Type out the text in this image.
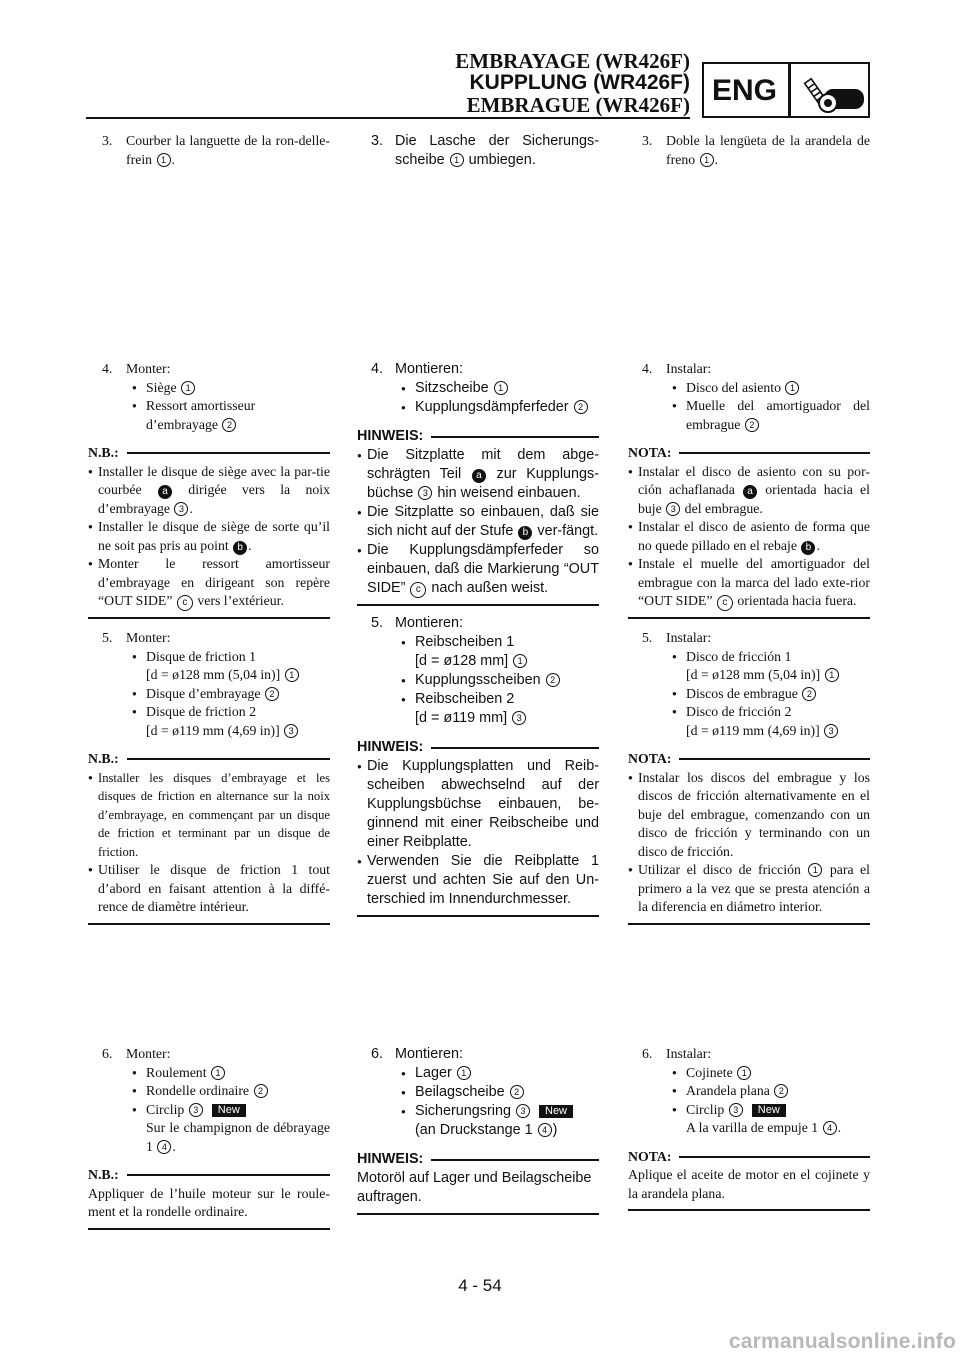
EMBRAYAGE (WR426F)
KUPPLUNG (WR426F)
EMBRAGUE (WR426F) ENG
3. Courber la languette de la ron-delle-frein 1 .
4. Monter:
● Siège 1
● Ressort amortisseur
d’embrayage 2
N.B.:
● Installer le disque de siège avec la par-tie courbée a dirigée vers la noix d’embrayage 3 .
● Installer le disque de siège de sorte qu’il ne soit pas pris au point b .
● Monter le ressort amortisseur d’embrayage en dirigeant son repère “OUT SIDE” c vers l’extérieur.
5. Monter:
● Disque de friction 1
[d = ø128 mm (5,04 in)] 1
● Disque d’embrayage 2
● Disque de friction 2
[d = ø119 mm (4,69 in)] 3
N.B.:
● Installer les disques d’embrayage et les disques de friction en alternance sur la noix d’embrayage, en commençant par un disque de friction et terminant par un disque de friction.
● Utiliser le disque de friction 1 tout d’abord en faisant attention à la diffé-rence de diamètre intérieur.
6. Monter:
● Roulement 1
● Rondelle ordinaire 2
● Circlip 3 New
Sur le champignon de débrayage 1 4 .
N.B.:
Appliquer de l’huile moteur sur le roule-ment et la rondelle ordinaire.
3. Die Lasche der Sicherungs-scheibe 1 umbiegen.
4. Montieren:
● Sitzscheibe 1
● Kupplungsdämpferfeder 2
HINWEIS:
● Die Sitzplatte mit dem abge-schrägten Teil a zur Kupplungs-büchse 3 hin weisend einbauen.
● Die Sitzplatte so einbauen, daß sie sich nicht auf der Stufe b ver-fängt.
● Die Kupplungsdämpferfeder so einbauen, daß die Markierung “OUT SIDE” c nach außen weist.
5. Montieren:
● Reibscheiben 1
[d = ø128 mm] 1
● Kupplungsscheiben 2
● Reibscheiben 2
[d = ø119 mm] 3
HINWEIS:
● Die Kupplungsplatten und Reib-scheiben abwechselnd auf der Kupplungsbüchse einbauen, be-ginnend mit einer Reibscheibe und einer Reibplatte.
● Verwenden Sie die Reibplatte 1 zuerst und achten Sie auf den Un-terschied im Innendurchmesser.
6. Montieren:
● Lager 1
● Beilagscheibe 2
● Sicherungsring 3 New
(an Druckstange 1 4 )
HINWEIS:
Motoröl auf Lager und Beilagscheibe auftragen.
3. Doble la lengüeta de la arandela de freno 1 .
4. Instalar:
● Disco del asiento 1
● Muelle del amortiguador del embrague 2
NOTA:
● Instalar el disco de asiento con su por-ción achaflanada a orientada hacia el buje 3 del embrague.
● Instalar el disco de asiento de forma que no quede pillado en el rebaje b .
● Instale el muelle del amortiguador del embrague con la marca del lado exte-rior “OUT SIDE” c orientada hacia fuera.
5. Instalar:
● Disco de fricción 1
[d = ø128 mm (5,04 in)] 1
● Discos de embrague 2
● Disco de fricción 2
[d = ø119 mm (4,69 in)] 3
NOTA:
● Instalar los discos del embrague y los discos de fricción alternativamente en el buje del embrague, comenzando con un disco de fricción y terminando con un disco de fricción.
● Utilizar el disco de fricción 1 para el primero a la vez que se presta atención a la diferencia en diámetro interior.
6. Instalar:
● Cojinete 1
● Arandela plana 2
● Circlip 3 New
A la varilla de empuje 1 4 .
NOTA:
Aplique el aceite de motor en el cojinete y la arandela plana.
4 - 54
carmanualsonline.info
